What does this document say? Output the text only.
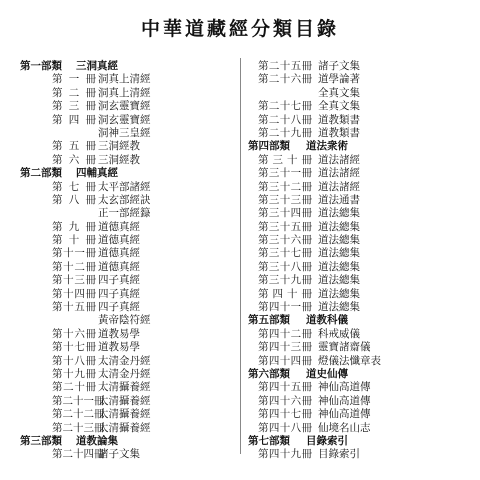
中華道藏經分類目錄
第一部類 三洞真經
第一冊 洞真上清經
第二冊 洞真上清經
第三冊 洞玄靈寶經
第四冊 洞玄靈寶經
洞神三皇經
第五冊 三洞經教
第六冊 三洞經教
第二部類 四輔真經
第七冊 太平部諸經
第八冊 太玄部經訣
正一部經籙
第九冊 道德真經
第十冊 道德真經
第十一冊 道德真經
第十二冊 道德真經
第十三冊 四子真經
第十四冊 四子真經
第十五冊 四子真經
黃帝陰符經
第十六冊 道教易學
第十七冊 道教易學
第十八冊 太清金丹經
第十九冊 太清金丹經
第二十冊 太清攝養經
第二十一冊
太清攝養經
第二十二冊
太清攝養經
第二十三冊
太清攝養經
第三部類 道教論集
第二十四冊
諸子文集
第二十五冊 諸子文集
第二十六冊 道學論著
全真文集
第二十七冊 全真文集
第二十八冊 道教類書
第二十九冊 道教類書
第四部類 道法衆術
第三十冊 道法諸經
第三十一冊 道法諸經
第三十二冊 道法諸經
第三十三冊 道法通書
第三十四冊 道法總集
第三十五冊 道法總集
第三十六冊 道法總集
第三十七冊 道法總集
第三十八冊 道法總集
第三十九冊 道法總集
第四十冊 道法總集
第四十一冊 道法總集
第五部類 道教科儀
第四十二冊 科戒威儀
第四十三冊 靈寶諸齋儀
第四十四冊 燈儀法懺章表
第六部類 道史仙傳
第四十五冊 神仙高道傳
第四十六冊 神仙高道傳
第四十七冊 神仙高道傳
第四十八冊 仙境名山志
第七部類 目錄索引
第四十九冊 目錄索引
